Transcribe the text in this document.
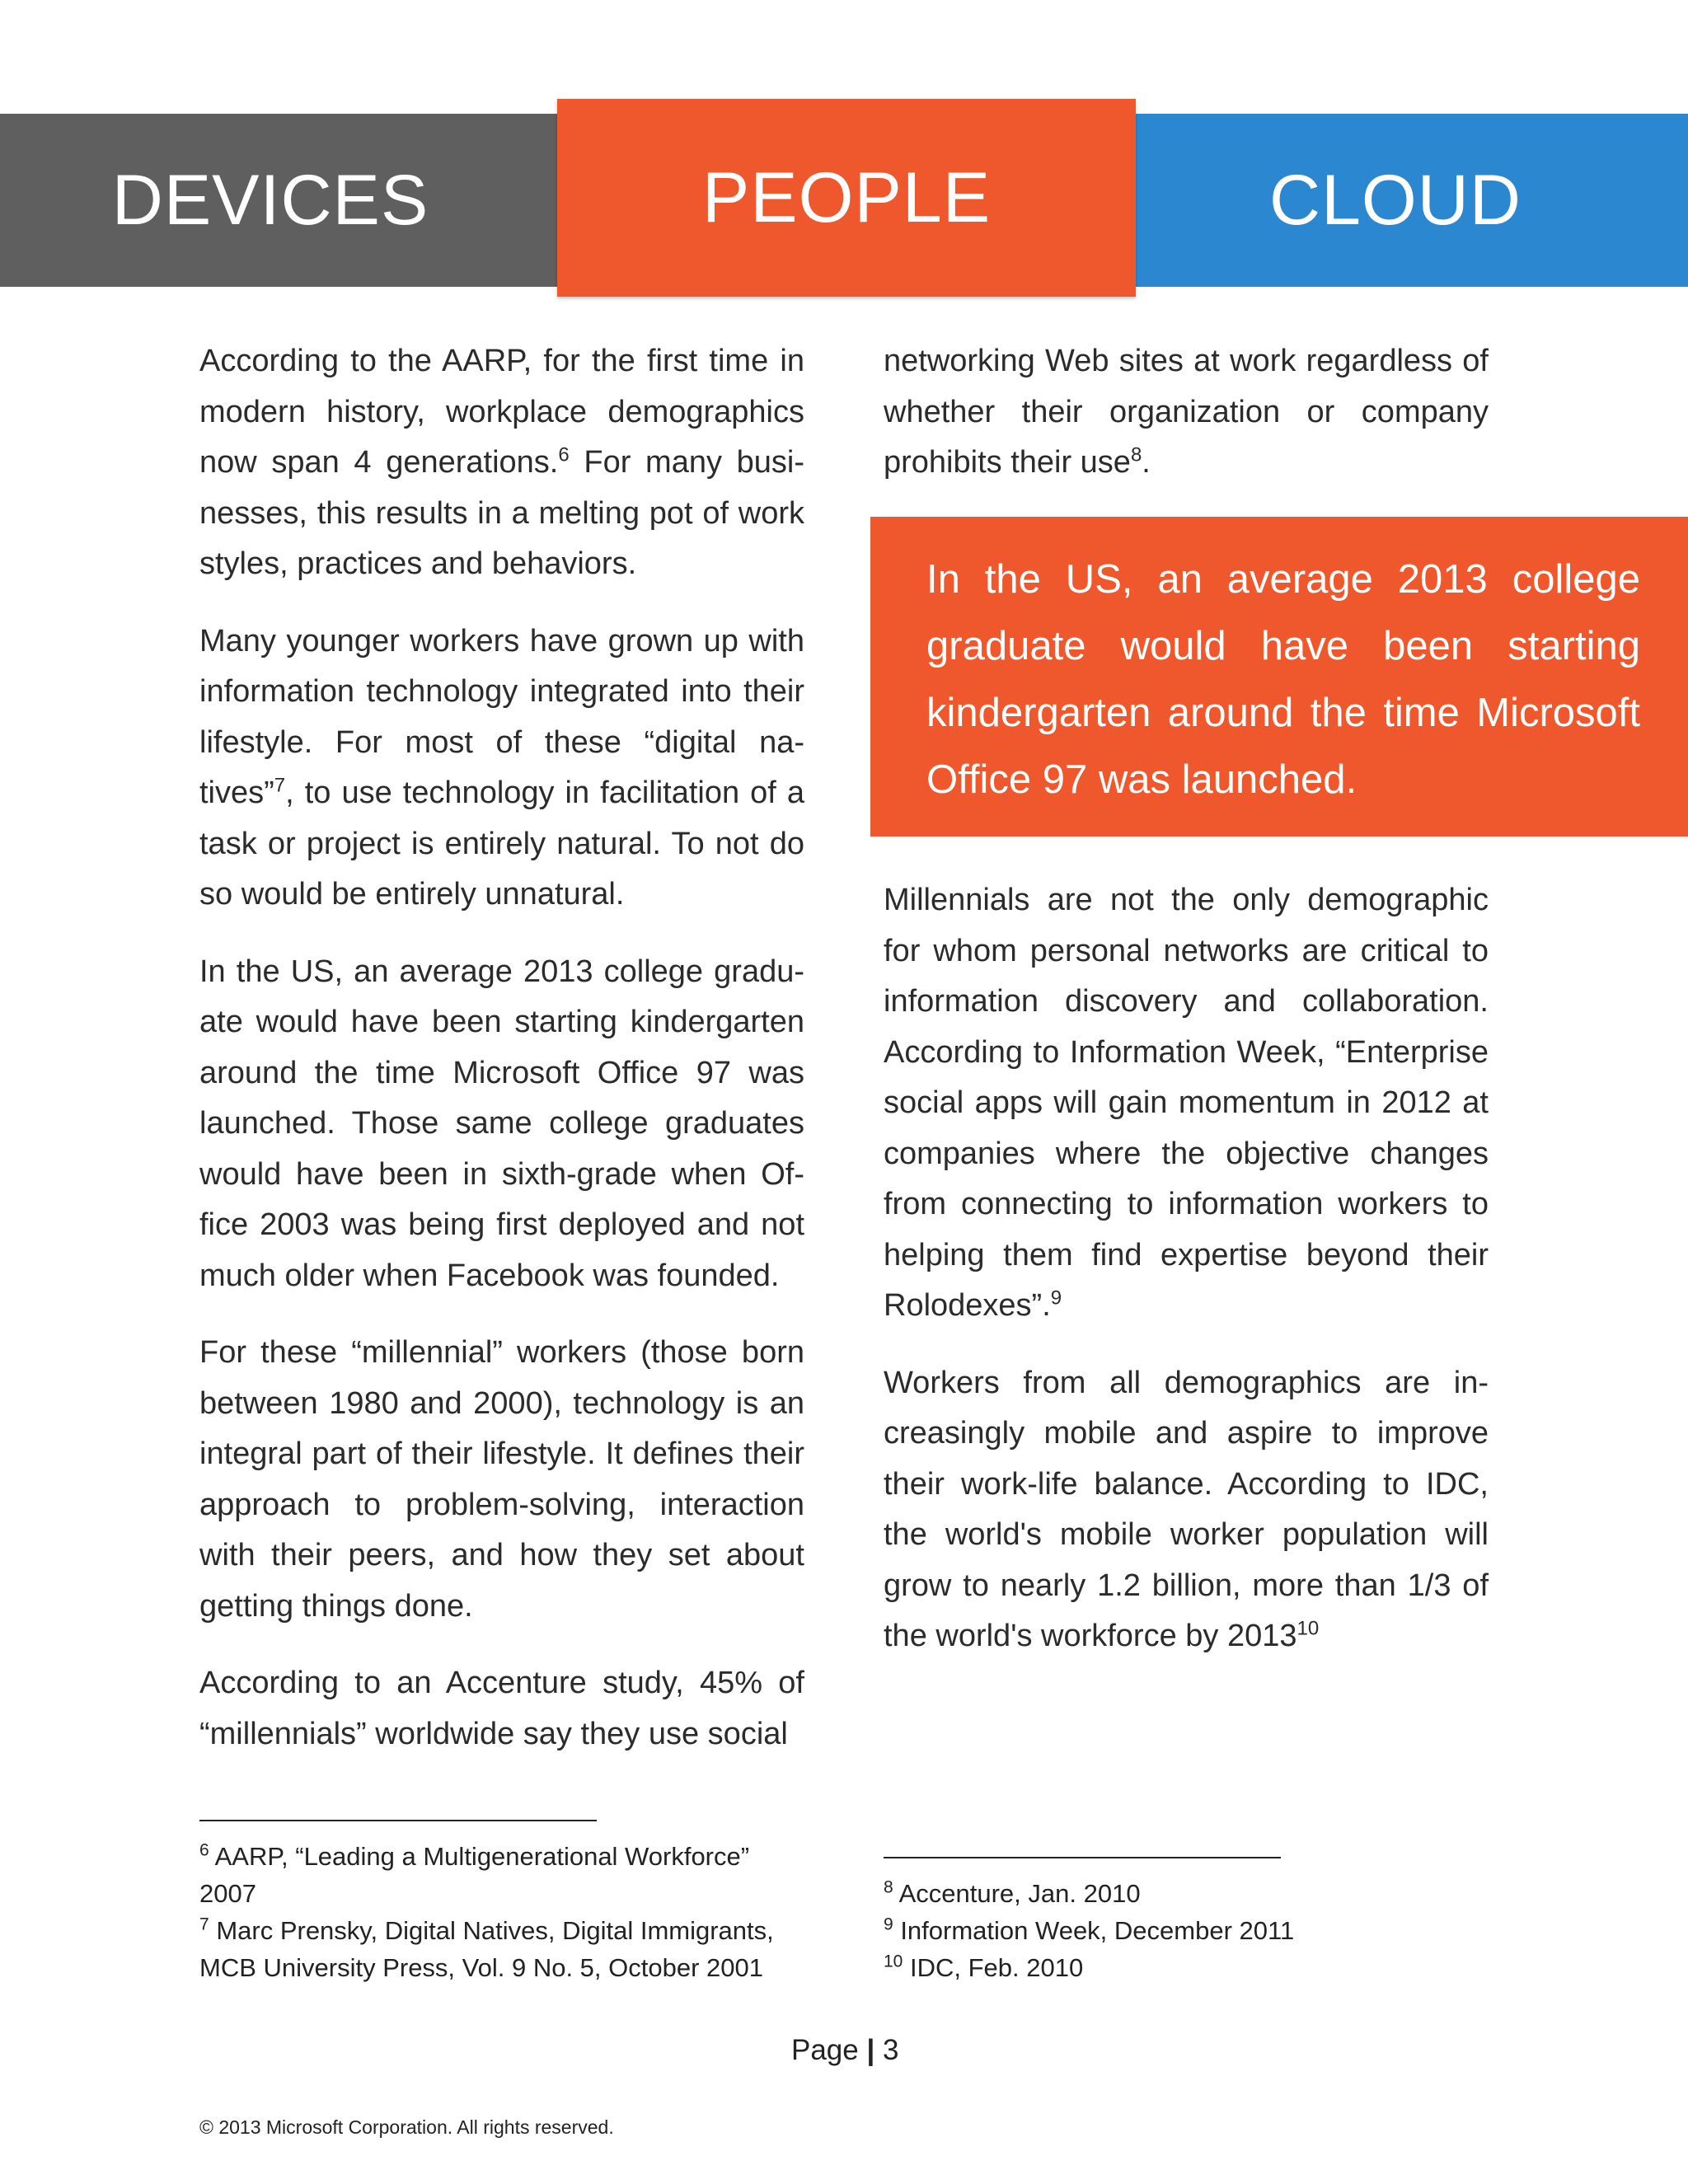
DEVICES	PEOPLE	CLOUD

According to the AARP, for the first time in modern history, workplace demographics now span 4 generations.$^6$ For many busi-nesses, this results in a melting pot of work styles, practices and behaviors.

Many younger workers have grown up with information technology integrated into their lifestyle. For most of these “digital na-tives”$^7$, to use technology in facilitation of a task or project is entirely natural. To not do so would be entirely unnatural.

In the US, an average 2013 college gradu-ate would have been starting kindergarten around the time Microsoft Office 97 was launched. Those same college graduates would have been in sixth-grade when Of-fice 2003 was being first deployed and not much older when Facebook was founded.

For these “millennial” workers (those born between 1980 and 2000), technology is an integral part of their lifestyle. It defines their approach to problem-solving, interaction with their peers, and how they set about getting things done.

According to an Accenture study, 45% of “millennials” worldwide say they use social

networking Web sites at work regardless of whether their organization or company prohibits their use$^8$.

In the US, an average 2013 college graduate would have been starting kindergarten around the time Microsoft Office 97 was launched.

Millennials are not the only demographic for whom personal networks are critical to information discovery and collaboration. According to Information Week, “Enterprise social apps will gain momentum in 2012 at companies where the objective changes from connecting to information workers to helping them find expertise beyond their Rolodexes”.$^9$

Workers from all demographics are in-creasingly mobile and aspire to improve their work-life balance. According to IDC, the world's mobile worker population will grow to nearly 1.2 billion, more than 1/3 of the world's workforce by 2013$^{10}$

$^6$ AARP, “Leading a Multigenerational Workforce” 2007
$^7$ Marc Prensky, Digital Natives, Digital Immigrants, MCB University Press, Vol. 9 No. 5, October 2001
$^8$ Accenture, Jan. 2010
$^9$ Information Week, December 2011
$^{10}$ IDC, Feb. 2010
Page | 3
© 2013 Microsoft Corporation. All rights reserved.
